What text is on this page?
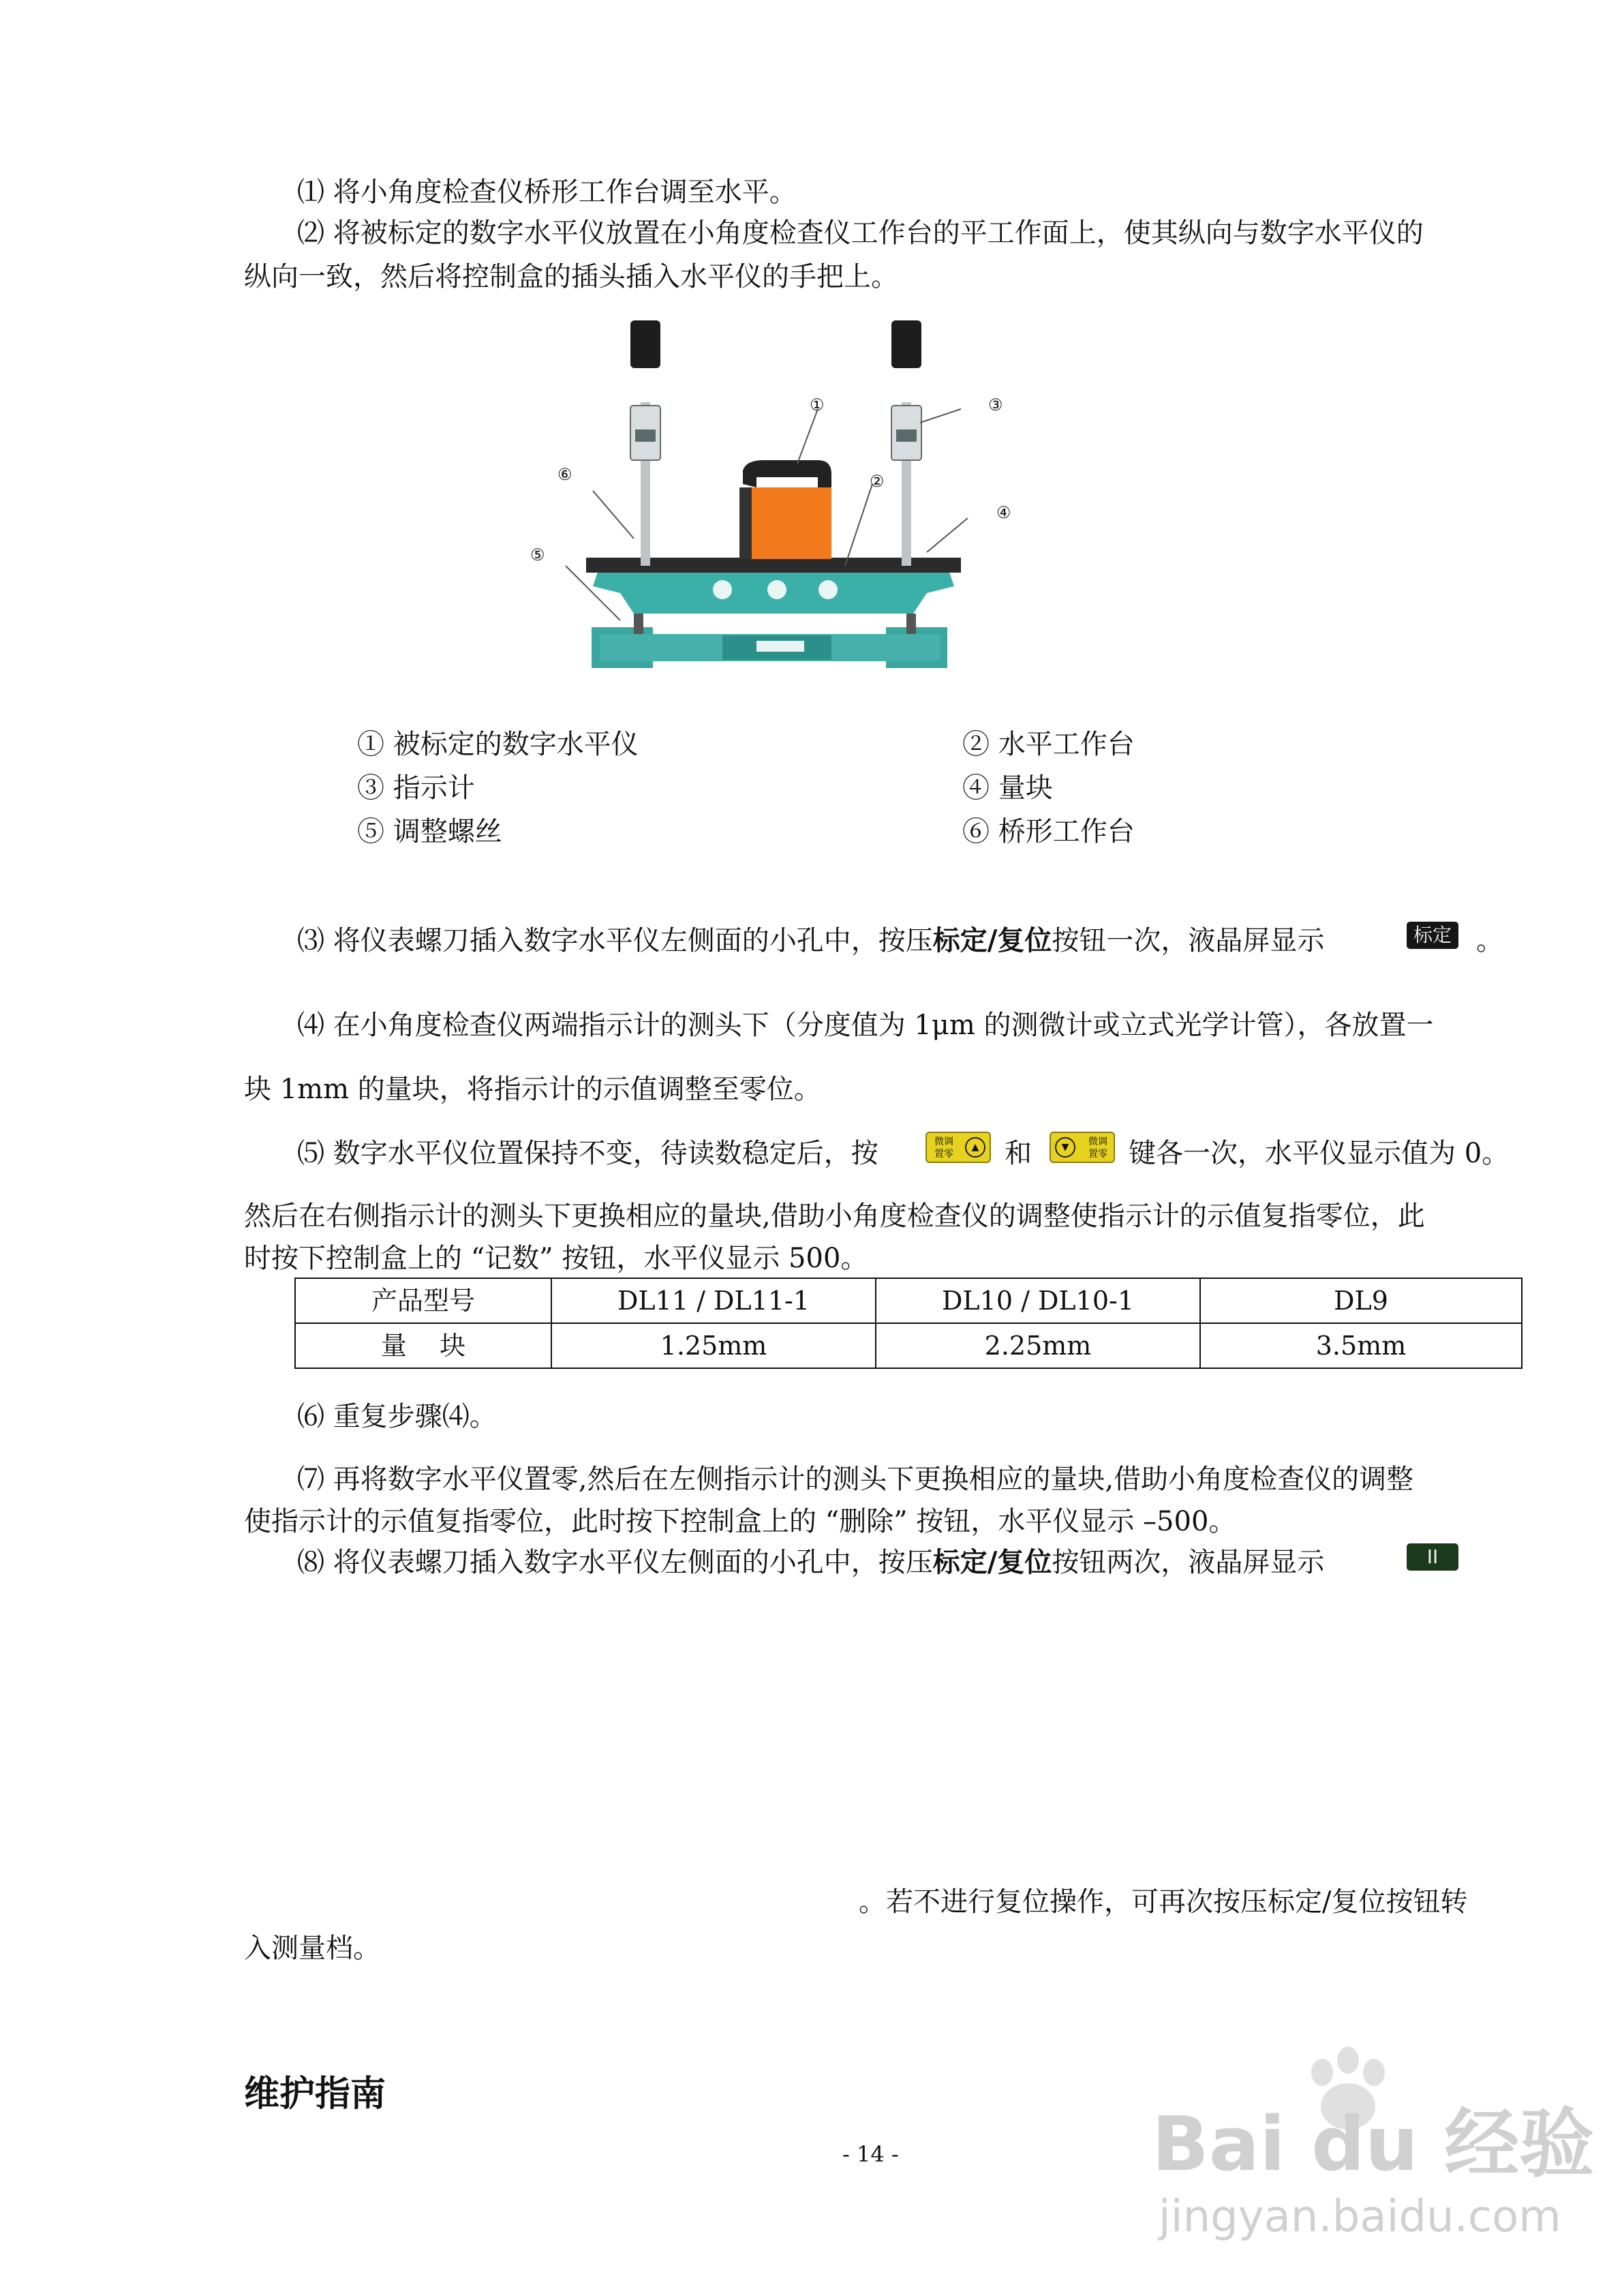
⑴ 将小角度检查仪桥形工作台调至水平。
⑵ 将被标定的数字水平仪放置在小角度检查仪工作台的平工作面上，使其纵向与数字水平仪的
纵向一致，然后将控制盒的插头插入水平仪的手把上。
①
②
③
④
⑤
⑥
① 被标定的数字水平仪	② 水平工作台
③ 指示计	④ 量块
⑤ 调整螺丝	⑥ 桥形工作台
⑶ 将仪表螺刀插入数字水平仪左侧面的小孔中，按压标定/复位按钮一次，液晶屏显示	标定 。
⑷ 在小角度检查仪两端指示计的测头下（分度值为 1μm 的测微计或立式光学计管），各放置一
块 1mm 的量块，将指示计的示值调整至零位。
⑸ 数字水平仪位置保持不变，待读数稳定后，按	微调 置零
▲ 和	▼	微调 置零 键各一次，水平仪显示值为 0。
然后在右侧指示计的测头下更换相应的量块,借助小角度检查仪的调整使指示计的示值复指零位，此
时按下控制盒上的 “记数” 按钮，水平仪显示 500。
产品型号	DL11 / DL11-1	DL10 / DL10-1	DL9
量    块	1.25mm	2.25mm	3.5mm
⑹ 重复步骤⑷。
⑺ 再将数字水平仪置零,然后在左侧指示计的测头下更换相应的量块,借助小角度检查仪的调整
使指示计的示值复指零位，此时按下控制盒上的 “删除” 按钮，水平仪显示 –500。
⑻ 将仪表螺刀插入数字水平仪左侧面的小孔中，按压标定/复位按钮两次，液晶屏显示	II
。若不进行复位操作，可再次按压标定/复位按钮转
入测量档。
维护指南
- 14 -	Bai du 经验
jingyan.baidu.com
